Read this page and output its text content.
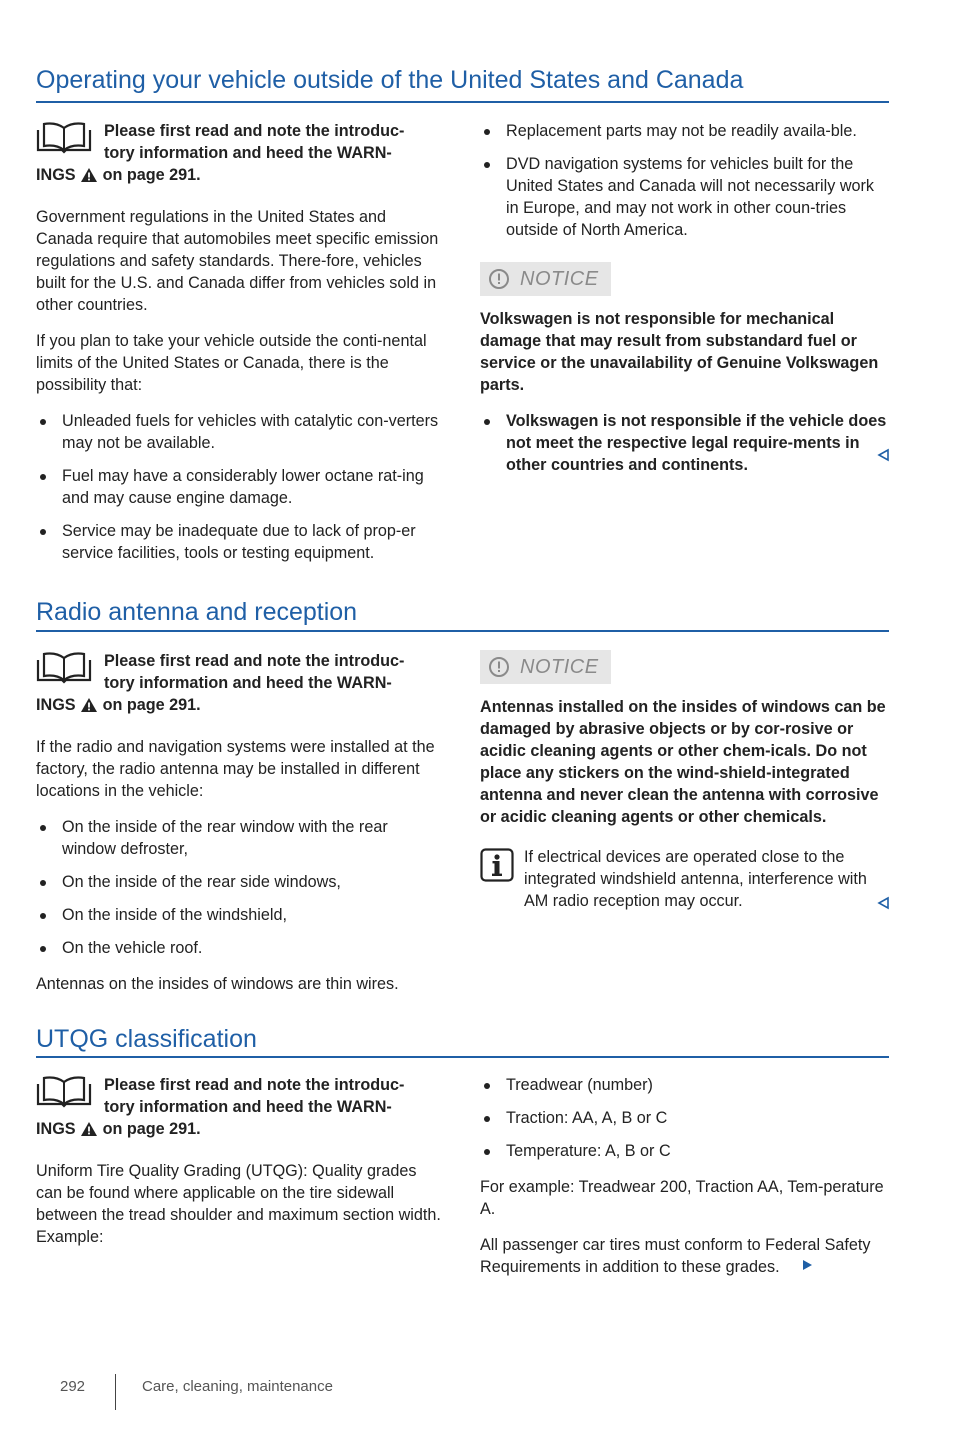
Operating your vehicle outside of the United States and Canada
Please first read and note the introduc-
tory information and heed the WARN-
INGS on page 291.

Government regulations in the United States and Canada require that automobiles meet specific emission regulations and safety standards. There-fore, vehicles built for the U.S. and Canada differ from vehicles sold in other countries.

If you plan to take your vehicle outside the conti-nental limits of the United States or Canada, there is the possibility that:

Unleaded fuels for vehicles with catalytic con-verters may not be available.
Fuel may have a considerably lower octane rat-ing and may cause engine damage.
Service may be inadequate due to lack of prop-er service facilities, tools or testing equipment.
Replacement parts may not be readily availa-ble.
DVD navigation systems for vehicles built for the United States and Canada will not necessarily work in Europe, and may not work in other coun-tries outside of North America.
NOTICE

Volkswagen is not responsible for mechanical damage that may result from substandard fuel or service or the unavailability of Genuine Volkswagen parts.

Volkswagen is not responsible if the vehicle does not meet the respective legal require-ments in other countries and continents.
Radio antenna and reception
Please first read and note the introduc-
tory information and heed the WARN-
INGS on page 291.

If the radio and navigation systems were installed at the factory, the radio antenna may be installed in different locations in the vehicle:

On the inside of the rear window with the rear window defroster,
On the inside of the rear side windows,
On the inside of the windshield,
On the vehicle roof.

Antennas on the insides of windows are thin wires.

NOTICE

Antennas installed on the insides of windows can be damaged by abrasive objects or by cor-rosive or acidic cleaning agents or other chem-icals. Do not place any stickers on the wind-shield-integrated antenna and never clean the antenna with corrosive or acidic cleaning agents or other chemicals.

If electrical devices are operated close to the integrated windshield antenna, interference with AM radio reception may occur.

UTQG classification
Please first read and note the introduc-
tory information and heed the WARN-
INGS on page 291.

Uniform Tire Quality Grading (UTQG): Quality grades can be found where applicable on the tire sidewall between the tread shoulder and maximum section width. Example:

Treadwear (number)
Traction: AA, A, B or C
Temperature: A, B or C

For example: Treadwear 200, Traction AA, Tem-perature A.

All passenger car tires must conform to Federal Safety Requirements in addition to these grades.

292	Care, cleaning, maintenance
